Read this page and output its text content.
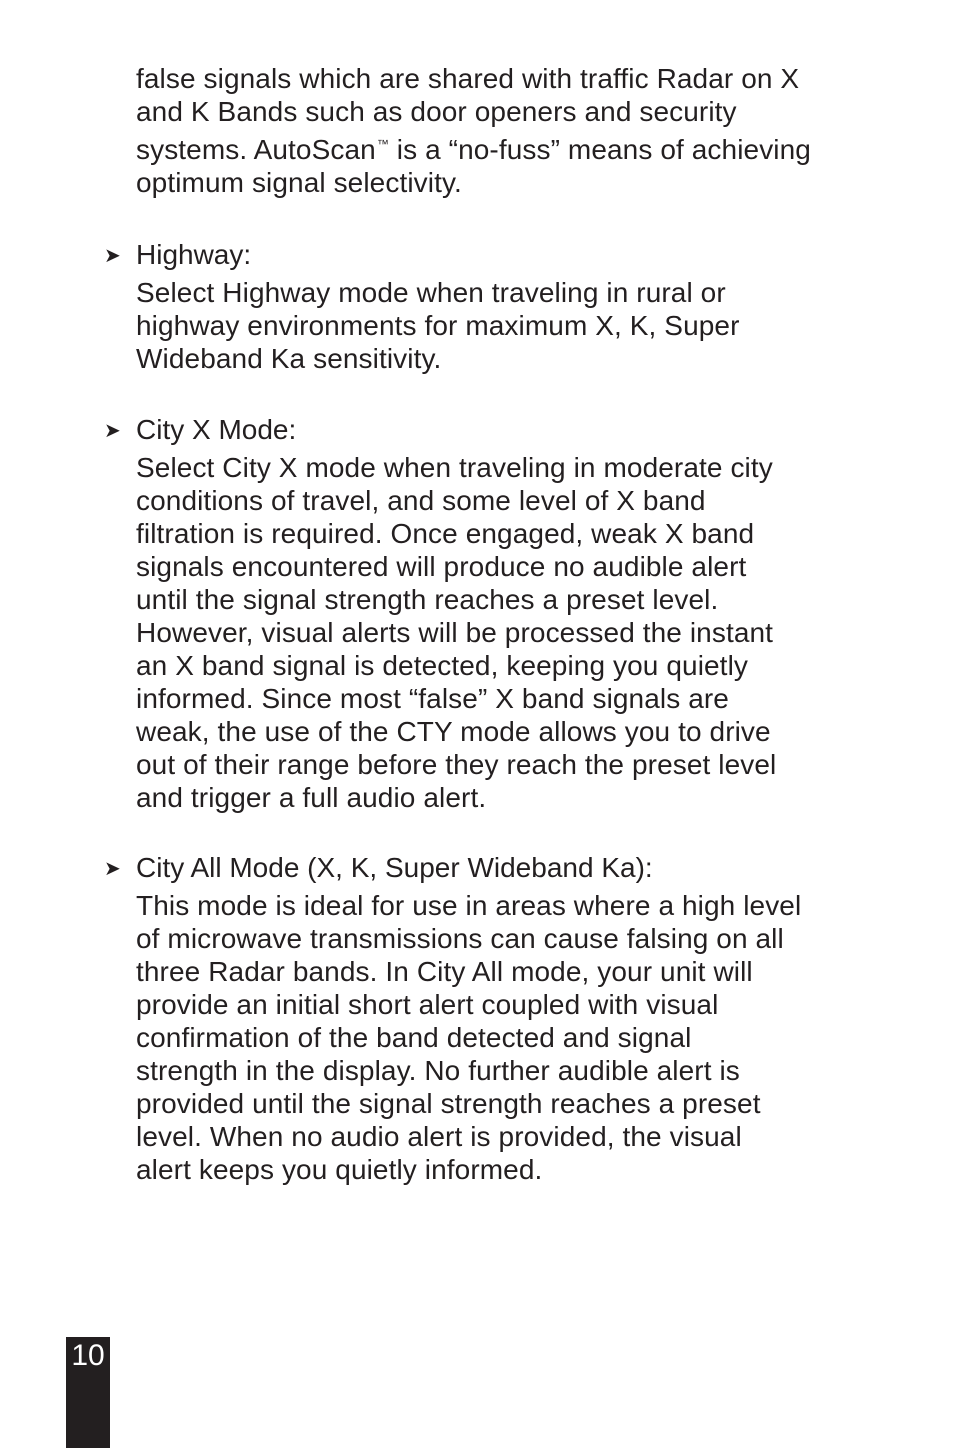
false signals which are shared with traffic Radar on X
and K Bands such as door openers and security
systems. AutoScan™ is a “no-fuss” means of achieving
optimum signal selectivity.
➤ Highway:
Select Highway mode when traveling in rural or
highway environments for maximum X, K, Super
Wideband Ka sensitivity.
➤ City X Mode:
Select City X mode when traveling in moderate city
conditions of travel, and some level of X band
filtration is required. Once engaged, weak X band
signals encountered will produce no audible alert
until the signal strength reaches a preset level.
However, visual alerts will be processed the instant
an X band signal is detected, keeping you quietly
informed. Since most “false” X band signals are
weak, the use of the CTY mode allows you to drive
out of their range before they reach the preset level
and trigger a full audio alert.
➤ City All Mode (X, K, Super Wideband Ka):
This mode is ideal for use in areas where a high level
of microwave transmissions can cause falsing on all
three Radar bands. In City All mode, your unit will
provide an initial short alert coupled with visual
confirmation of the band detected and signal
strength in the display. No further audible alert is
provided until the signal strength reaches a preset
level. When no audio alert is provided, the visual
alert keeps you quietly informed.
10
